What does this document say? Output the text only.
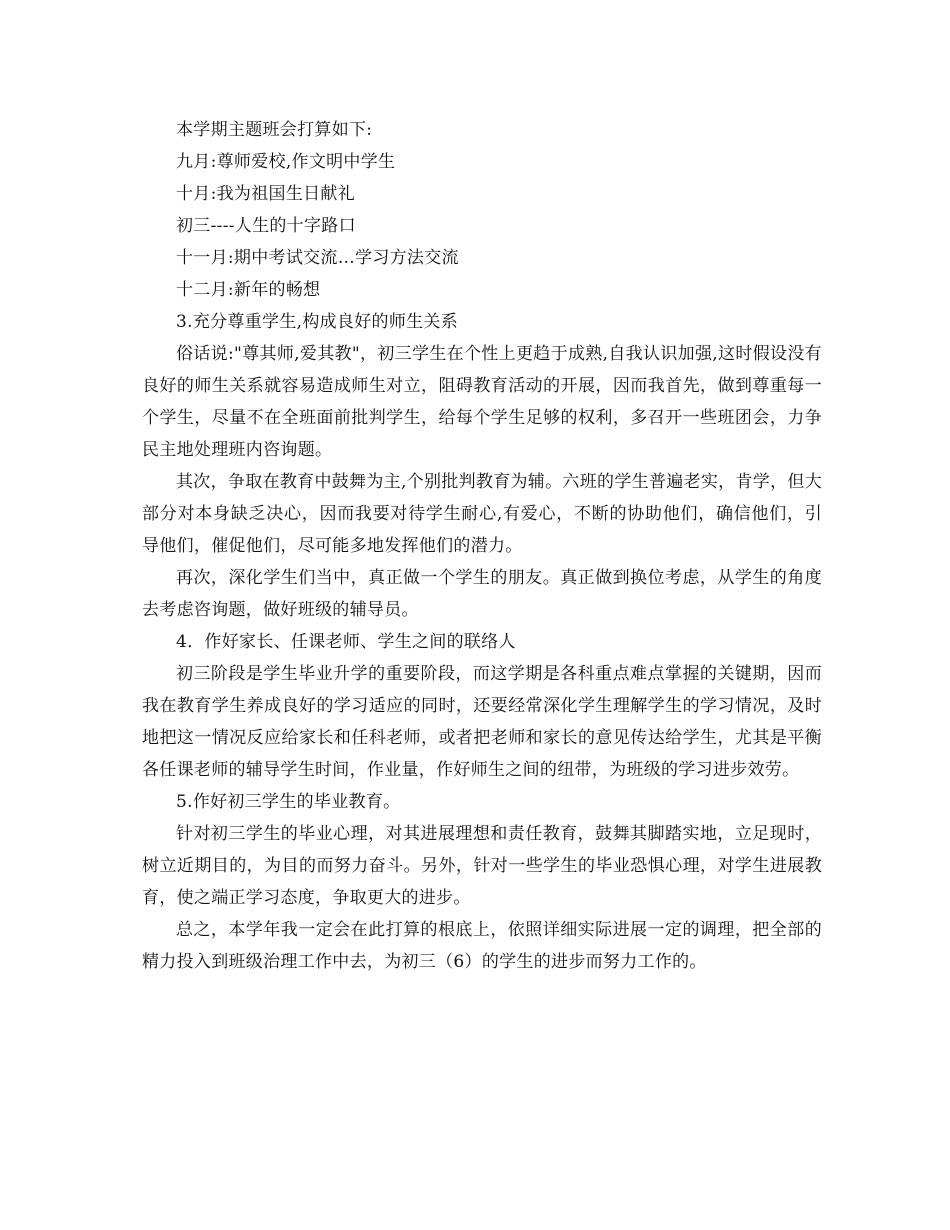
本学期主题班会打算如下:

九月:尊师爱校,作文明中学生

十月:我为祖国生日献礼

初三----人生的十字路口

十一月:期中考试交流…学习方法交流

十二月:新年的畅想

3.充分尊重学生,构成良好的师生关系

俗话说:"尊其师,爱其教"，初三学生在个性上更趋于成熟,自我认识加强,这时假设没有良好的师生关系就容易造成师生对立，阻碍教育活动的开展，因而我首先，做到尊重每一个学生，尽量不在全班面前批判学生，给每个学生足够的权利，多召开一些班团会，力争民主地处理班内咨询题。

其次，争取在教育中鼓舞为主,个别批判教育为辅。六班的学生普遍老实，肯学，但大部分对本身缺乏决心，因而我要对待学生耐心,有爱心，不断的协助他们，确信他们，引导他们，催促他们，尽可能多地发挥他们的潜力。

再次，深化学生们当中，真正做一个学生的朋友。真正做到换位考虑，从学生的角度去考虑咨询题，做好班级的辅导员。

4．作好家长、任课老师、学生之间的联络人

初三阶段是学生毕业升学的重要阶段，而这学期是各科重点难点掌握的关键期，因而我在教育学生养成良好的学习适应的同时，还要经常深化学生理解学生的学习情况，及时地把这一情况反应给家长和任科老师，或者把老师和家长的意见传达给学生，尤其是平衡各任课老师的辅导学生时间，作业量，作好师生之间的纽带，为班级的学习进步效劳。

5.作好初三学生的毕业教育。

针对初三学生的毕业心理，对其进展理想和责任教育，鼓舞其脚踏实地，立足现时，树立近期目的，为目的而努力奋斗。另外，针对一些学生的毕业恐惧心理，对学生进展教育，使之端正学习态度，争取更大的进步。

总之，本学年我一定会在此打算的根底上，依照详细实际进展一定的调理，把全部的精力投入到班级治理工作中去，为初三（6）的学生的进步而努力工作的。
